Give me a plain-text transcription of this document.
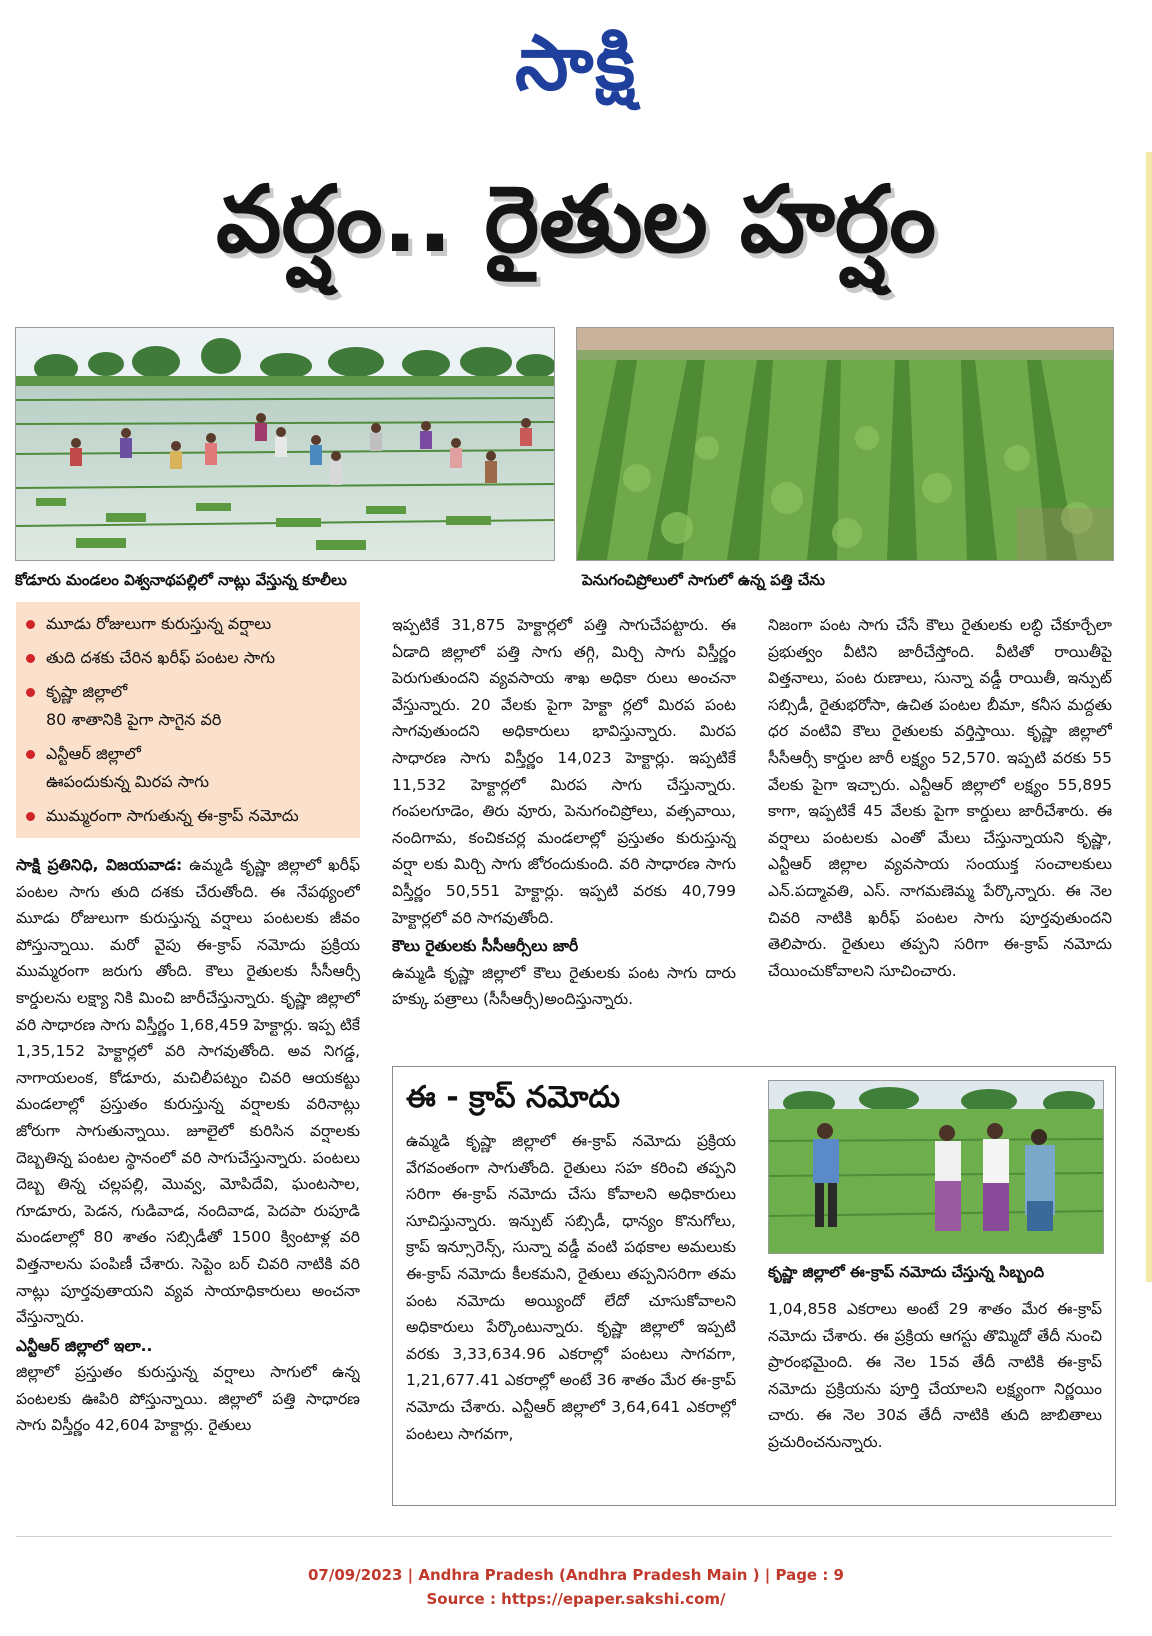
సాక్షి
వర్షం.. రైతుల హర్షం
కోడూరు మండలం విశ్వనాథపల్లిలో నాట్లు వేస్తున్న కూలీలు	పెనుగంచిప్రోలులో సాగులో ఉన్న పత్తి చేను
మూడు రోజులుగా కురుస్తున్న వర్షాలు
తుది దశకు చేరిన ఖరీఫ్ పంటల సాగు
కృష్ణా జిల్లాలో
80 శాతానికి పైగా సాగైన వరి
ఎన్టీఆర్ జిల్లాలో
ఊపందుకున్న మిరప సాగు
ముమ్మరంగా సాగుతున్న ఈ-క్రాప్ నమోదు

సాక్షి ప్రతినిధి, విజయవాడ: ఉమ్మడి కృష్ణా జిల్లాలో ఖరీఫ్ పంటల సాగు తుది దశకు చేరుతోంది. ఈ నేపథ్యంలో మూడు రోజులుగా కురుస్తున్న వర్షాలు పంటలకు జీవం పోస్తున్నాయి. మరో వైపు ఈ-క్రాప్ నమోదు ప్రక్రియ ముమ్మరంగా జరుగు తోంది. కౌలు రైతులకు సీసీఆర్సీ కార్డులను లక్ష్యా నికి మించి జారీచేస్తున్నారు. కృష్ణా జిల్లాలో వరి సాధారణ సాగు విస్తీర్ణం 1,68,459 హెక్టార్లు. ఇప్ప టికే 1,35,152 హెక్టార్లలో వరి సాగవుతోంది. అవ నిగడ్డ, నాగాయలంక, కోడూరు, మచిలీపట్నం చివరి ఆయకట్టు మండలాల్లో ప్రస్తుతం కురుస్తున్న వర్షాలకు వరినాట్లు జోరుగా సాగుతున్నాయి. జూలైలో కురిసిన వర్షాలకు దెబ్బతిన్న పంటల స్థానంలో వరి సాగుచేస్తున్నారు. పంటలు దెబ్బ తిన్న చల్లపల్లి, మొవ్వ, మోపిదేవి, ఘంటసాల, గూడూరు, పెడన, గుడివాడ, నందివాడ, పెదపా రుపూడి మండలాల్లో 80 శాతం సబ్సిడీతో 1500 క్వింటాళ్ల వరి విత్తనాలను పంపిణీ చేశారు. సెప్టెం బర్ చివరి నాటికి వరి నాట్లు పూర్తవుతాయని వ్యవ సాయాధికారులు అంచనా వేస్తున్నారు.

ఎన్టీఆర్ జిల్లాలో ఇలా..

జిల్లాలో ప్రస్తుతం కురుస్తున్న వర్షాలు సాగులో ఉన్న పంటలకు ఊపిరి పోస్తున్నాయి. జిల్లాలో పత్తి సాధారణ సాగు విస్తీర్ణం 42,604 హెక్టార్లు. రైతులు

ఇప్పటికే 31,875 హెక్టార్లలో పత్తి సాగుచేపట్టారు. ఈ ఏడాది జిల్లాలో పత్తి సాగు తగ్గి, మిర్చి సాగు విస్తీర్ణం పెరుగుతుందని వ్యవసాయ శాఖ అధికా రులు అంచనా వేస్తున్నారు. 20 వేలకు పైగా హెక్టా ర్లలో మిరప పంట సాగవుతుందని అధికారులు భావిస్తున్నారు. మిరప సాధారణ సాగు విస్తీర్ణం 14,023 హెక్టార్లు. ఇప్పటికే 11,532 హెక్టార్లలో మిరప సాగు చేస్తున్నారు. గంపలగూడెం, తిరు వూరు, పెనుగంచిప్రోలు, వత్సవాయి, నందిగామ, కంచికచర్ల మండలాల్లో ప్రస్తుతం కురుస్తున్న వర్షా లకు మిర్చి సాగు జోరందుకుంది. వరి సాధారణ సాగు విస్తీర్ణం 50,551 హెక్టార్లు. ఇప్పటి వరకు 40,799 హెక్టార్లలో వరి సాగవుతోంది.

కౌలు రైతులకు సీసీఆర్సీలు జారీ

ఉమ్మడి కృష్ణా జిల్లాలో కౌలు రైతులకు పంట సాగు దారు హక్కు పత్రాలు (సీసీఆర్సీ)అందిస్తున్నారు.

నిజంగా పంట సాగు చేసే కౌలు రైతులకు లబ్ధి చేకూర్చేలా ప్రభుత్వం వీటిని జారీచేస్తోంది. వీటితో రాయితీపై విత్తనాలు, పంట రుణాలు, సున్నా వడ్డీ రాయితీ, ఇన్పుట్ సబ్సిడీ, రైతుభరోసా, ఉచిత పంటల బీమా, కనీస మద్దతు ధర వంటివి కౌలు రైతులకు వర్తిస్తాయి. కృష్ణా జిల్లాలో సీసీఆర్సీ కార్డుల జారీ లక్ష్యం 52,570. ఇప్పటి వరకు 55 వేలకు పైగా ఇచ్చారు. ఎన్టీఆర్ జిల్లాలో లక్ష్యం 55,895 కాగా, ఇప్పటికే 45 వేలకు పైగా కార్డులు జారీచేశారు. ఈ వర్షాలు పంటలకు ఎంతో మేలు చేస్తున్నాయని కృష్ణా, ఎన్టీఆర్ జిల్లాల వ్యవసాయ సంయుక్త సంచాలకులు ఎన్.పద్మావతి, ఎస్. నాగమణెమ్మ పేర్కొన్నారు. ఈ నెల చివరి నాటికి ఖరీఫ్ పంటల సాగు పూర్తవుతుందని తెలిపారు. రైతులు తప్పని సరిగా ఈ-క్రాప్ నమోదు చేయించుకోవాలని సూచించారు.

ఈ - క్రాప్ నమోదు
ఉమ్మడి కృష్ణా జిల్లాలో ఈ-క్రాప్ నమోదు ప్రక్రియ వేగవంతంగా సాగుతోంది. రైతులు సహ కరించి తప్పని సరిగా ఈ-క్రాప్ నమోదు చేసు కోవాలని అధికారులు సూచిస్తున్నారు. ఇన్పుట్ సబ్సిడీ, ధాన్యం కొనుగోలు, క్రాప్ ఇన్సూరెన్స్, సున్నా వడ్డీ వంటి పథకాల అమలుకు ఈ-క్రాప్ నమోదు కీలకమని, రైతులు తప్పనిసరిగా తమ పంట నమోదు అయ్యిందో లేదో చూసుకోవాలని అధికారులు పేర్కొంటున్నారు. కృష్ణా జిల్లాలో ఇప్పటి వరకు 3,33,634.96 ఎకరాల్లో పంటలు సాగవగా, 1,21,677.41 ఎకరాల్లో అంటే 36 శాతం మేర ఈ-క్రాప్ నమోదు చేశారు. ఎన్టీఆర్ జిల్లాలో 3,64,641 ఎకరాల్లో పంటలు సాగవగా,
కృష్ణా జిల్లాలో ఈ-క్రాప్ నమోదు చేస్తున్న సిబ్బంది
1,04,858 ఎకరాలు అంటే 29 శాతం మేర ఈ-క్రాప్ నమోదు చేశారు. ఈ ప్రక్రియ ఆగస్టు తొమ్మిదో తేదీ నుంచి ప్రారంభమైంది. ఈ నెల 15వ తేదీ నాటికి ఈ-క్రాప్ నమోదు ప్రక్రియను పూర్తి చేయాలని లక్ష్యంగా నిర్ణయిం చారు. ఈ నెల 30వ తేదీ నాటికి తుది జాబితాలు ప్రచురించనున్నారు.
07/09/2023 | Andhra Pradesh (Andhra Pradesh Main ) | Page : 9
Source : https://epaper.sakshi.com/
